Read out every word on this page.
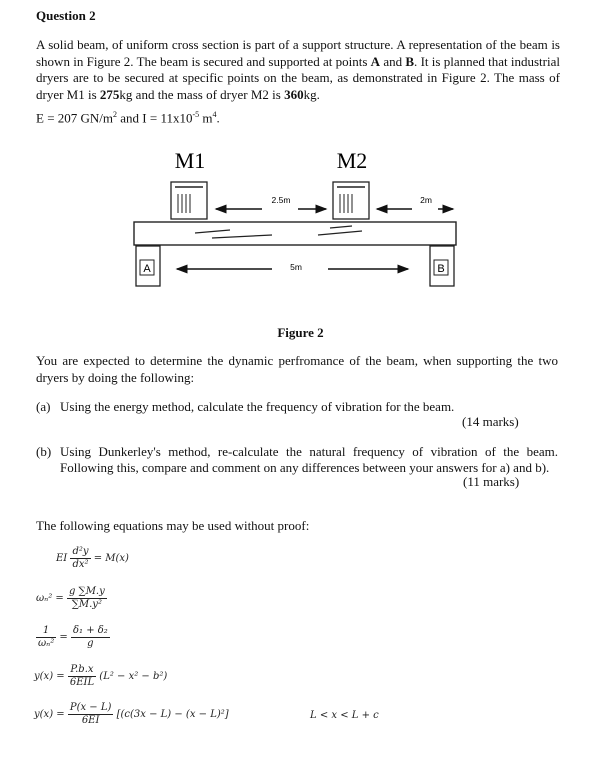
Question 2
A solid beam, of uniform cross section is part of a support structure. A representation of the beam is shown in Figure 2. The beam is secured and supported at points A and B. It is planned that industrial dryers are to be secured at specific points on the beam, as demonstrated in Figure 2. The mass of dryer M1 is 275kg and the mass of dryer M2 is 360kg.
E = 207 $GN/m^2$ and $I = 11x10^{-5}$ $m^4$.
M1	M2
2.5m	2m
A	B
5m
Figure 2
You are expected to determine the dynamic perfromance of the beam, when supporting the two dryers by doing the following:
(a) Using the energy method, calculate the frequency of vibration for the beam.
(14 marks)
(b) Using Dunkerley's method, re-calculate the natural frequency of vibration of the beam. Following this, compare and comment on any differences between your answers for a) and b).
(11 marks)
The following equations may be used without proof:
EI $\frac{\text{d²y}}{\text{dx²}} = M(x)$
$\omega_n^2 = \frac{g \sum M.y}{\text{∑M.y²}}$
$\frac{1}{\text{ωₙ²}} = \frac{\text{δ₁ + δ₂}}{g}$
$y(x) = \frac{P.b.x}{\text{6EIL}} (L^2 - x^2 - b^2)$
$y(x) = \frac{P(x - L)}{6EI} [(c(3x - L) - (x - L)^2]$	L < x < L + c
